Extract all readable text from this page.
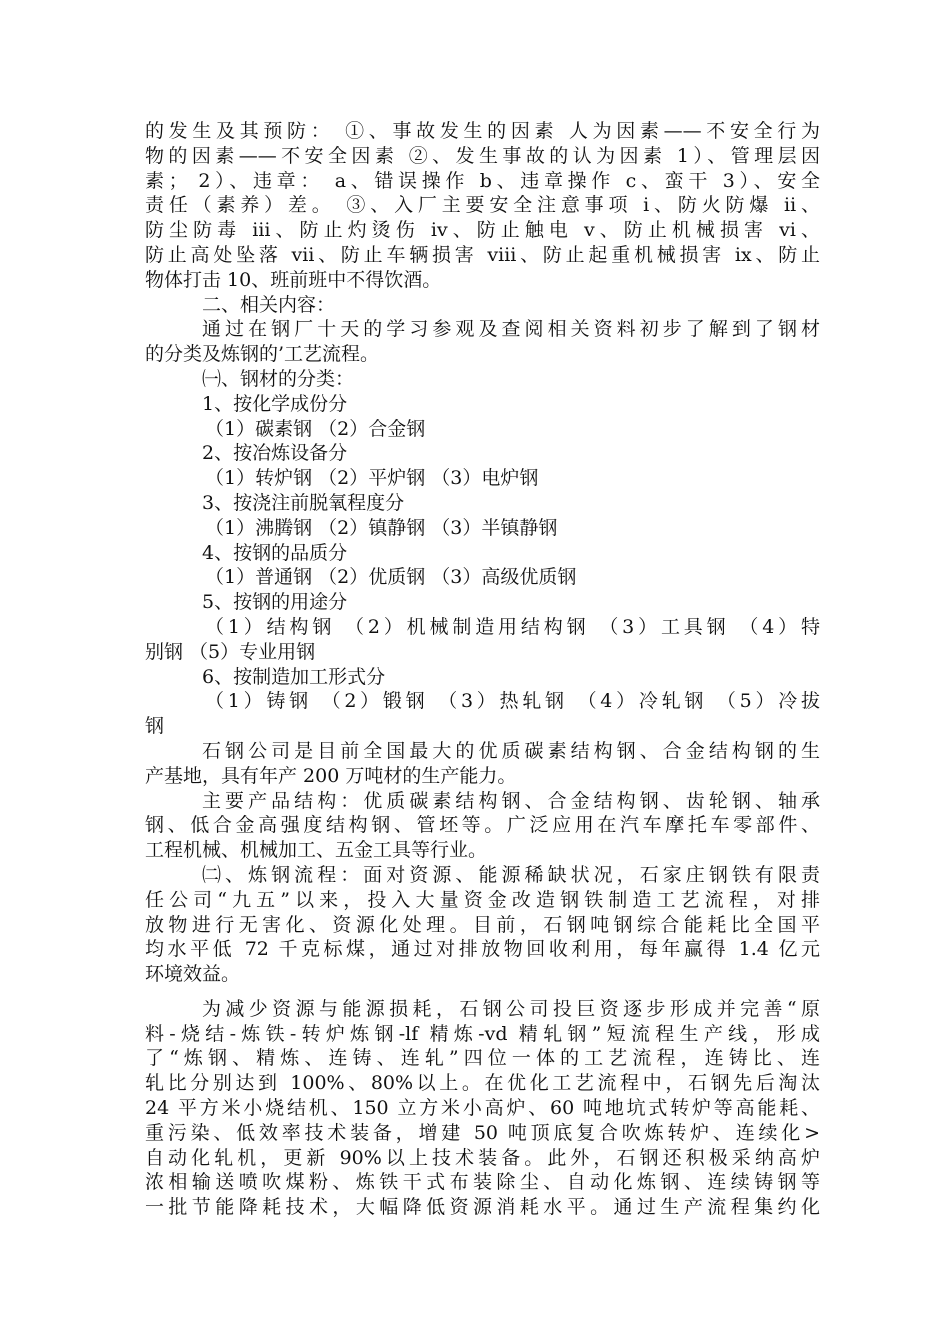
的发生及其预防： ①、事故发生的因素 人为因素——不安全行为
物的因素——不安全因素 ②、发生事故的认为因素 1）、管理层因
素； 2）、违章： a、错误操作 b、违章操作 c、蛮干 3）、安全
责任（素养）差。 ③、入厂主要安全注意事项 ⅰ、防火防爆 ⅱ、
防尘防毒 ⅲ、防止灼烫伤 ⅳ、防止触电 ⅴ、防止机械损害 ⅵ、
防止高处坠落 ⅶ、防止车辆损害 ⅷ、防止起重机械损害 ⅸ、防止
物体打击 10、班前班中不得饮酒。
二、相关内容：
通过在钢厂十天的学习参观及查阅相关资料初步了解到了钢材
的分类及炼钢的’工艺流程。
㈠、钢材的分类：
1、按化学成份分
（1）碳素钢 （2）合金钢
2、按冶炼设备分
（1）转炉钢 （2）平炉钢 （3）电炉钢
3、按浇注前脱氧程度分
（1）沸腾钢 （2）镇静钢 （3）半镇静钢
4、按钢的品质分
（1）普通钢 （2）优质钢 （3）高级优质钢
5、按钢的用途分
（1）结构钢 （2）机械制造用结构钢 （3）工具钢 （4）特
别钢 （5）专业用钢
6、按制造加工形式分
（1）铸钢 （2）锻钢 （3）热轧钢 （4）冷轧钢 （5）冷拔
钢
石钢公司是目前全国最大的优质碳素结构钢、合金结构钢的生
产基地，具有年产 200 万吨材的生产能力。
主要产品结构：优质碳素结构钢、合金结构钢、齿轮钢、轴承
钢、低合金高强度结构钢、管坯等。广泛应用在汽车摩托车零部件、
工程机械、机械加工、五金工具等行业。
㈡、炼钢流程：面对资源、能源稀缺状况，石家庄钢铁有限责
任公司“九五”以来，投入大量资金改造钢铁制造工艺流程，对排
放物进行无害化、资源化处理。目前，石钢吨钢综合能耗比全国平
均水平低 72 千克标煤，通过对排放物回收利用，每年赢得 1.4 亿元
环境效益。
为减少资源与能源损耗，石钢公司投巨资逐步形成并完善“原
料-烧结-炼铁-转炉炼钢-lf 精炼-vd 精轧钢”短流程生产线，形成
了“炼钢、精炼、连铸、连轧”四位一体的工艺流程，连铸比、连
轧比分别达到 100%、80%以上。在优化工艺流程中，石钢先后淘汰
24 平方米小烧结机、150 立方米小高炉、60 吨地坑式转炉等高能耗、
重污染、低效率技术装备，增建 50 吨顶底复合吹炼转炉、连续化>
自动化轧机，更新 90%以上技术装备。此外，石钢还积极采纳高炉
浓相输送喷吹煤粉、炼铁干式布装除尘、自动化炼钢、连续铸钢等
一批节能降耗技术，大幅降低资源消耗水平。通过生产流程集约化
